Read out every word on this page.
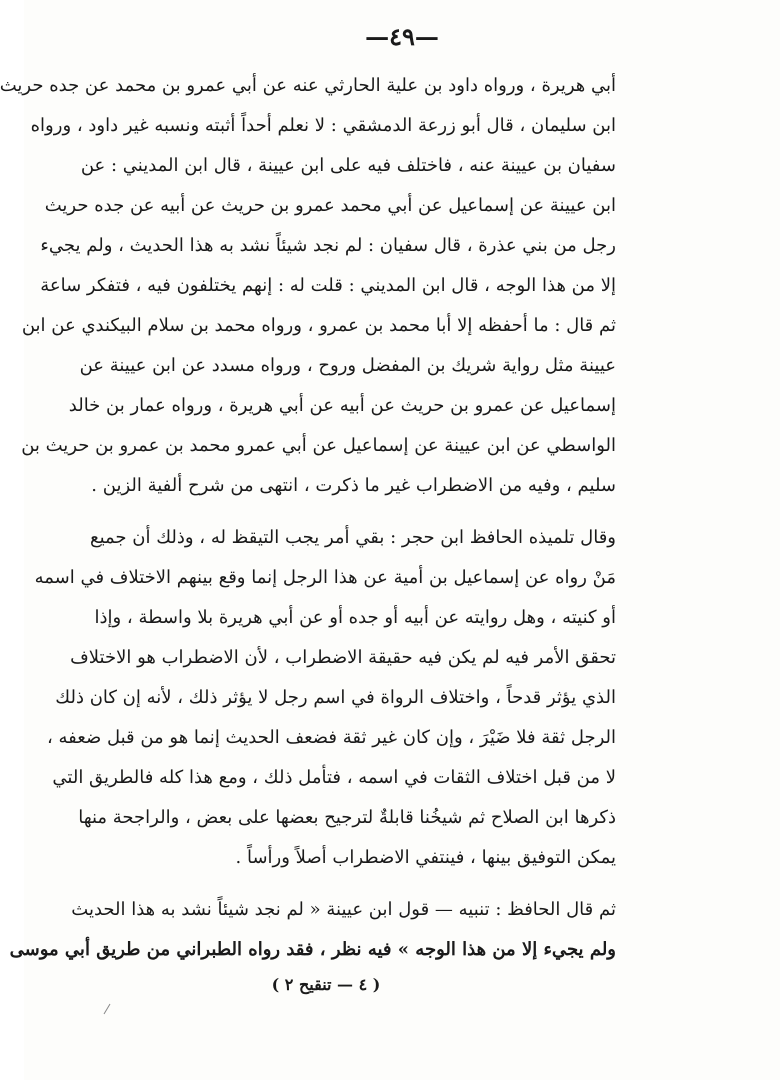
—٤٩—
أبي هريرة ، ورواه داود بن علية الحارثي عنه عن أبي عمرو بن محمد عن جده حريث
ابن سليمان ، قال أبو زرعة الدمشقي : لا نعلم أحداً أثبته ونسبه غير داود ، ورواه
سفيان بن عيينة عنه ، فاختلف فيه على ابن عيينة ، قال ابن المديني : عن
ابن عيينة عن إسماعيل عن أبي محمد عمرو بن حريث عن أبيه عن جده حريث
رجل من بني عذرة ، قال سفيان : لم نجد شيئاً نشد به هذا الحديث ، ولم يجيء
إلا من هذا الوجه ، قال ابن المديني : قلت له : إنهم يختلفون فيه ، فتفكر ساعة
ثم قال : ما أحفظه إلا أبا محمد بن عمرو ، ورواه محمد بن سلام البيكندي عن ابن
عيينة مثل رواية شريك بن المفضل وروح ، ورواه مسدد عن ابن عيينة عن
إسماعيل عن عمرو بن حريث عن أبيه عن أبي هريرة ، ورواه عمار بن خالد
الواسطي عن ابن عيينة عن إسماعيل عن أبي عمرو محمد بن عمرو بن حريث بن
سليم ، وفيه من الاضطراب غير ما ذكرت ، انتهى من شرح ألفية الزين .
وقال تلميذه الحافظ ابن حجر : بقي أمر يجب التيقظ له ، وذلك أن جميع
مَنْ رواه عن إسماعيل بن أمية عن هذا الرجل إنما وقع بينهم الاختلاف في اسمه
أو كنيته ، وهل روايته عن أبيه أو جده أو عن أبي هريرة بلا واسطة ، وإذا
تحقق الأمر فيه لم يكن فيه حقيقة الاضطراب ، لأن الاضطراب هو الاختلاف
الذي يؤثر قدحاً ، واختلاف الرواة في اسم رجل لا يؤثر ذلك ، لأنه إن كان ذلك
الرجل ثقة فلا ضَيْرَ ، وإن كان غير ثقة فضعف الحديث إنما هو من قبل ضعفه ،
لا من قبل اختلاف الثقات في اسمه ، فتأمل ذلك ، ومع هذا كله فالطريق التي
ذكرها ابن الصلاح ثم شيخُنا قابلةٌ لترجيح بعضها على بعض ، والراجحة منها
يمكن التوفيق بينها ، فينتفي الاضطراب أصلاً ورأساً .
ثم قال الحافظ : تنبيه — قول ابن عيينة « لم نجد شيئاً نشد به هذا الحديث
ولم يجيء إلا من هذا الوجه » فيه نظر ، فقد رواه الطبراني من طريق أبي موسى
( ٤ — تنقيح ٢ )
